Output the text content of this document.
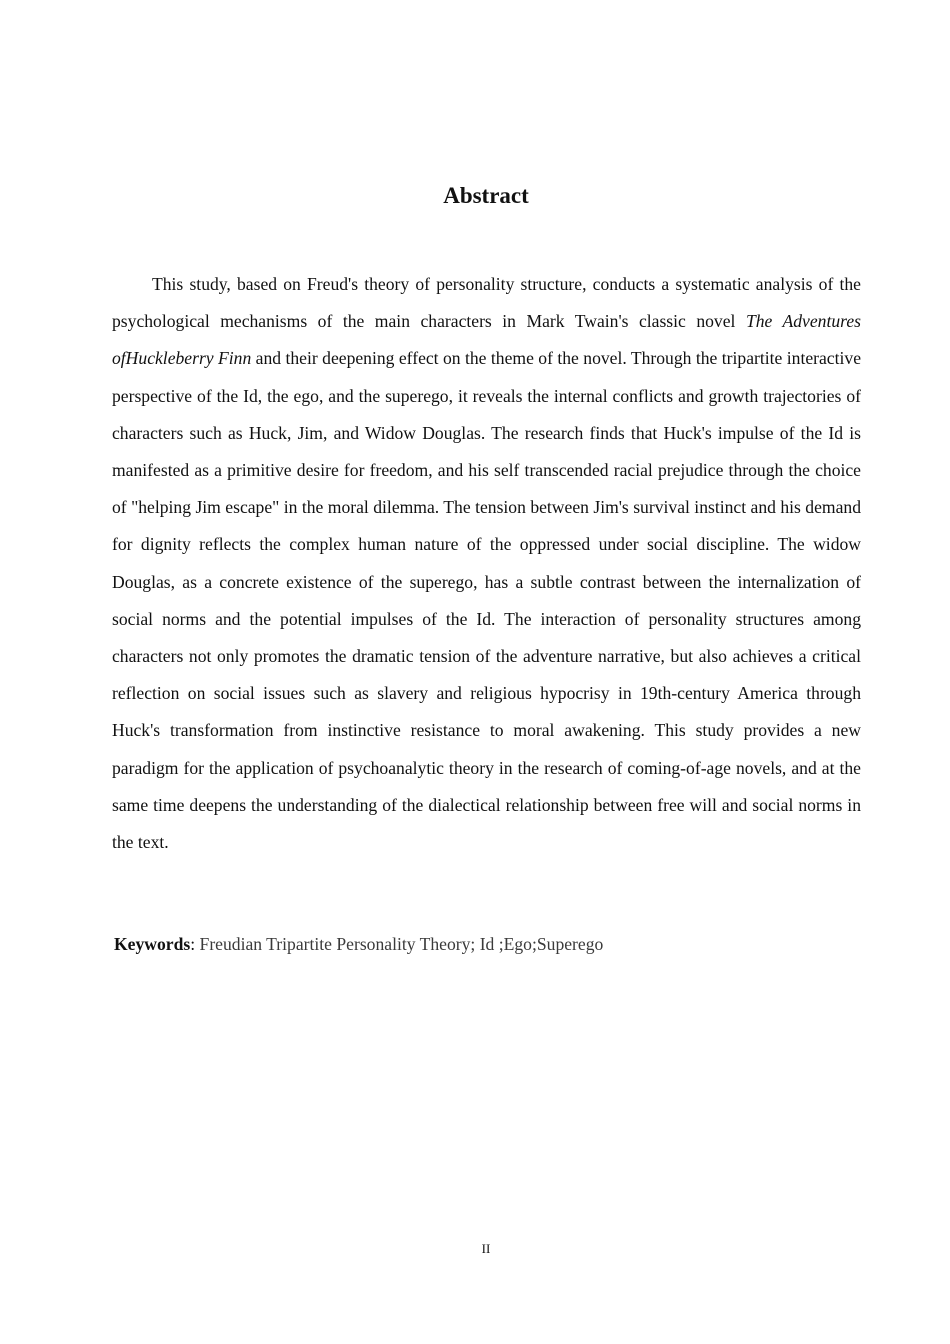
Abstract

This study, based on Freud's theory of personality structure, conducts a systematic analysis of the psychological mechanisms of the main characters in Mark Twain's classic novel The Adventures ofHuckleberry Finn and their deepening effect on the theme of the novel. Through the tripartite interactive perspective of the Id, the ego, and the superego, it reveals the internal conflicts and growth trajectories of characters such as Huck, Jim, and Widow Douglas. The research finds that Huck's impulse of the Id is manifested as a primitive desire for freedom, and his self transcended racial prejudice through the choice of "helping Jim escape" in the moral dilemma. The tension between Jim's survival instinct and his demand for dignity reflects the complex human nature of the oppressed under social discipline. The widow Douglas, as a concrete existence of the superego, has a subtle contrast between the internalization of social norms and the potential impulses of the Id. The interaction of personality structures among characters not only promotes the dramatic tension of the adventure narrative, but also achieves a critical reflection on social issues such as slavery and religious hypocrisy in 19th-century America through Huck's transformation from instinctive resistance to moral awakening. This study provides a new paradigm for the application of psychoanalytic theory in the research of coming-of-age novels, and at the same time deepens the understanding of the dialectical relationship between free will and social norms in the text.

Keywords: Freudian Tripartite Personality Theory; Id ;Ego;Superego

II
